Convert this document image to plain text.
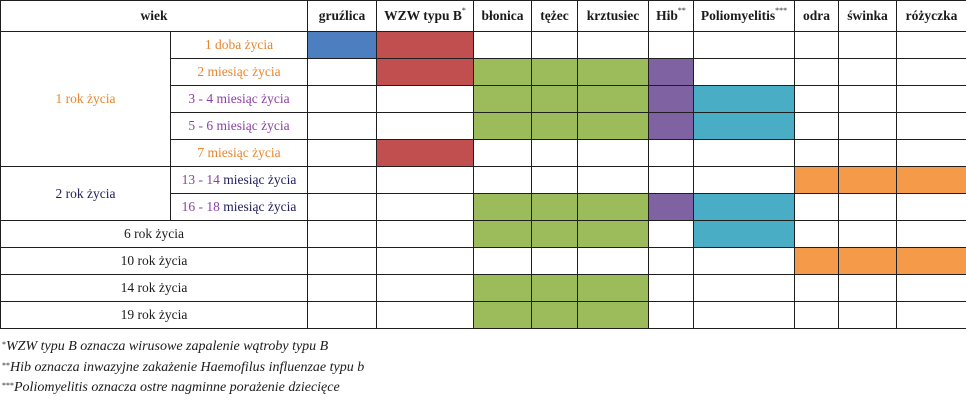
wiek		gruźlica	WZW typu B*	błonica	tężec	krztusiec	Hib**	Poliomyelitis***	odra	świnka	różyczka
1 rok życia	1 doba życia										
	2 miesiąc życia										
	3 - 4 miesiąc życia										
	5 - 6 miesiąc życia										
	7 miesiąc życia										
2 rok życia	13 - 14 miesiąc życia										
	16 - 18 miesiąc życia										
6 rok życia											
10 rok życia											
14 rok życia											
19 rok życia											
*WZW typu B oznacza wirusowe zapalenie wątroby typu B
**Hib oznacza inwazyjne zakażenie Haemofilus influenzae typu b
***Poliomyelitis oznacza ostre nagminne porażenie dziecięce
